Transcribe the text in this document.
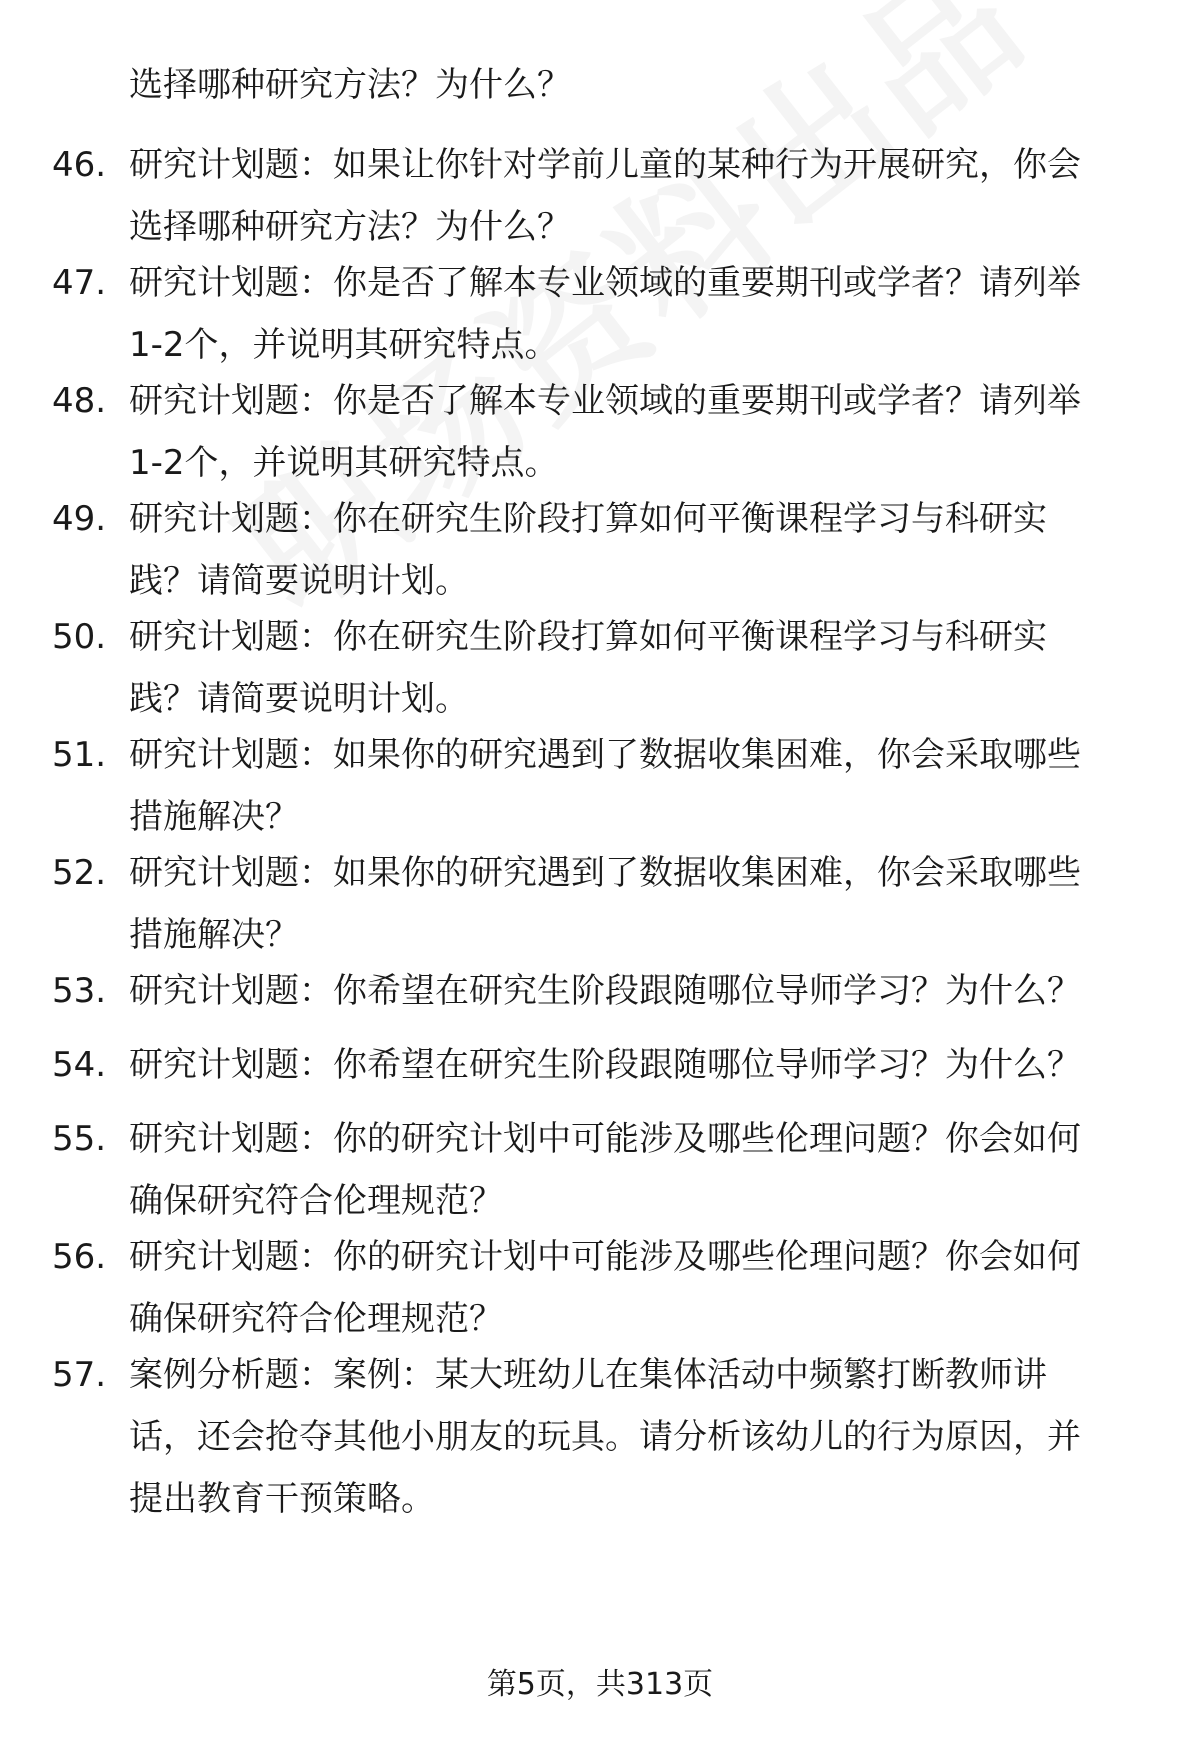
选择哪种研究方法？为什么？
46. 研究计划题：如果让你针对学前儿童的某种行为开展研究，你会
选择哪种研究方法？为什么？
47. 研究计划题：你是否了解本专业领域的重要期刊或学者？请列举
1-2个，并说明其研究特点。
48. 研究计划题：你是否了解本专业领域的重要期刊或学者？请列举
1-2个，并说明其研究特点。
49. 研究计划题：你在研究生阶段打算如何平衡课程学习与科研实
践？请简要说明计划。
50. 研究计划题：你在研究生阶段打算如何平衡课程学习与科研实
践？请简要说明计划。
51. 研究计划题：如果你的研究遇到了数据收集困难，你会采取哪些
措施解决？
52. 研究计划题：如果你的研究遇到了数据收集困难，你会采取哪些
措施解决？
53. 研究计划题：你希望在研究生阶段跟随哪位导师学习？为什么？
54. 研究计划题：你希望在研究生阶段跟随哪位导师学习？为什么？
55. 研究计划题：你的研究计划中可能涉及哪些伦理问题？你会如何
确保研究符合伦理规范？
56. 研究计划题：你的研究计划中可能涉及哪些伦理问题？你会如何
确保研究符合伦理规范？
57. 案例分析题：案例：某大班幼儿在集体活动中频繁打断教师讲
话，还会抢夺其他小朋友的玩具。请分析该幼儿的行为原因，并
提出教育干预策略。
第5页，共313页
